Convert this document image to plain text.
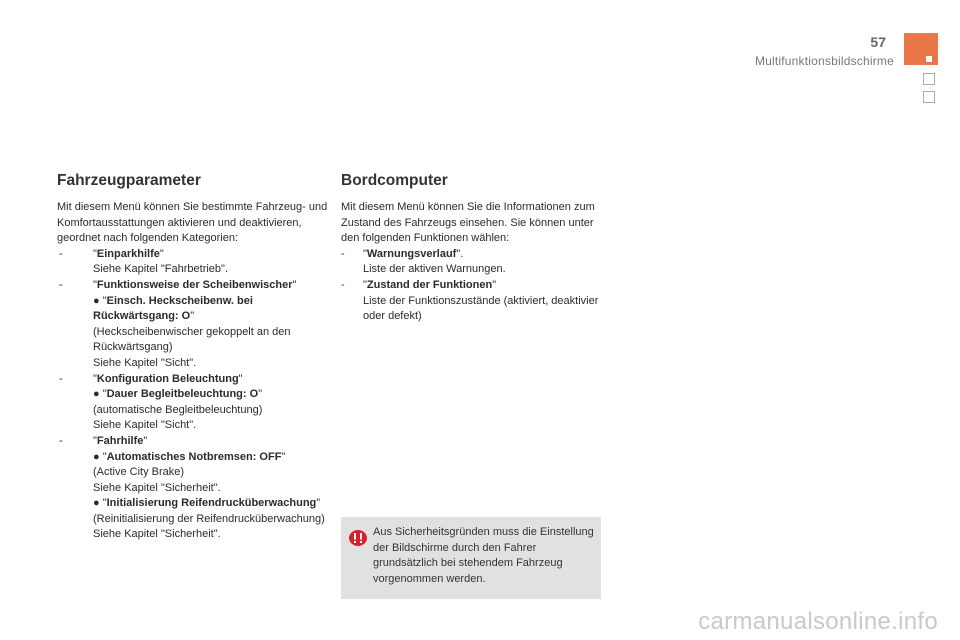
57
Multifunktionsbildschirme
Fahrzeugparameter

Mit diesem Menü können Sie bestimmte Fahrzeug- und Komfortausstattungen aktivieren und deaktivieren, geordnet nach folgenden Kategorien:

-	"Einparkhilfe"
Siehe Kapitel "Fahrbetrieb".
-	"Funktionsweise der Scheibenwischer"
● "Einsch. Heckscheibenw. bei Rückwärtsgang: O"
(Heckscheibenwischer gekoppelt an den Rückwärtsgang)
Siehe Kapitel "Sicht".
-	"Konfiguration Beleuchtung"
● "Dauer Begleitbeleuchtung: O"
(automatische Begleitbeleuchtung)
Siehe Kapitel "Sicht".
-	"Fahrhilfe"
● "Automatisches Notbremsen: OFF"
(Active City Brake)
Siehe Kapitel "Sicherheit".
● "Initialisierung Reifendrucküberwachung"
(Reinitialisierung der Reifendrucküberwachung)
Siehe Kapitel "Sicherheit".
Bordcomputer

Mit diesem Menü können Sie die Informationen zum Zustand des Fahrzeugs einsehen. Sie können unter den folgenden Funktionen wählen:

- "Warnungsverlauf".
Liste der aktiven Warnungen.
- "Zustand der Funktionen"
Liste der Funktionszustände (aktiviert, deaktivier oder defekt)
Aus Sicherheitsgründen muss die Einstellung der Bildschirme durch den Fahrer grundsätzlich bei stehendem Fahrzeug vorgenommen werden.
carmanualsonline.info
